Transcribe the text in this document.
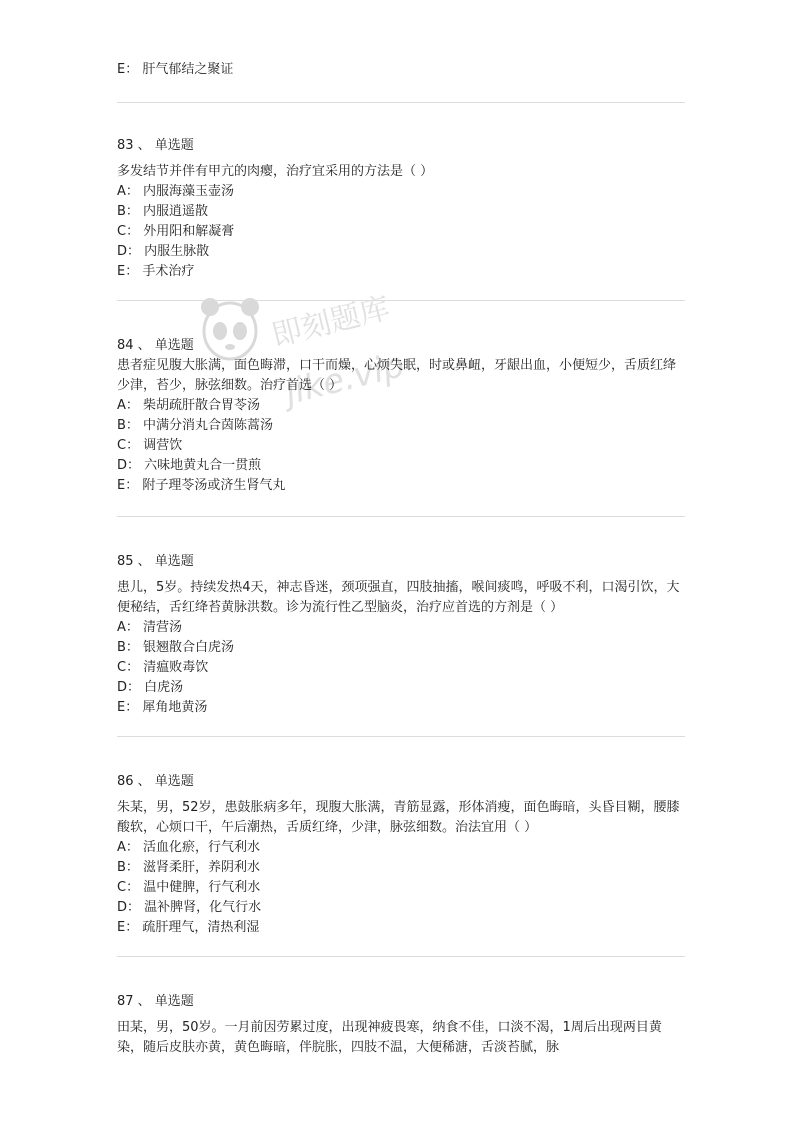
即刻题库
jike.vip
E： 肝气郁结之聚证
83 、 单选题
多发结节并伴有甲亢的肉瘿，治疗宜采用的方法是（ ）
A： 内服海藻玉壶汤
B： 内服逍遥散
C： 外用阳和解凝膏
D： 内服生脉散
E： 手术治疗
84 、 单选题
患者症见腹大胀满，面色晦滞，口干而燥，心烦失眠，时或鼻衄，牙龈出血，小便短少，舌质红绛少津，苔少，脉弦细数。治疗首选（ ）
A： 柴胡疏肝散合胃苓汤
B： 中满分消丸合茵陈蒿汤
C： 调营饮
D： 六味地黄丸合一贯煎
E： 附子理苓汤或济生肾气丸
85 、 单选题
患儿，5岁。持续发热4天，神志昏迷，颈项强直，四肢抽搐，喉间痰鸣，呼吸不利，口渴引饮，大便秘结，舌红绛苔黄脉洪数。诊为流行性乙型脑炎，治疗应首选的方剂是（ ）
A： 清营汤
B： 银翘散合白虎汤
C： 清瘟败毒饮
D： 白虎汤
E： 犀角地黄汤
86 、 单选题
朱某，男，52岁，患鼓胀病多年，现腹大胀满，青筋显露，形体消瘦，面色晦暗，头昏目糊，腰膝酸软，心烦口干，午后潮热，舌质红绛，少津，脉弦细数。治法宜用（ ）
A： 活血化瘀，行气利水
B： 滋肾柔肝，养阴利水
C： 温中健脾，行气利水
D： 温补脾肾，化气行水
E： 疏肝理气，清热利湿
87 、 单选题
田某，男，50岁。一月前因劳累过度，出现神疲畏寒，纳食不佳，口淡不渴，1周后出现两目黄染，随后皮肤亦黄，黄色晦暗，伴脘胀，四肢不温，大便稀溏，舌淡苔腻，脉
